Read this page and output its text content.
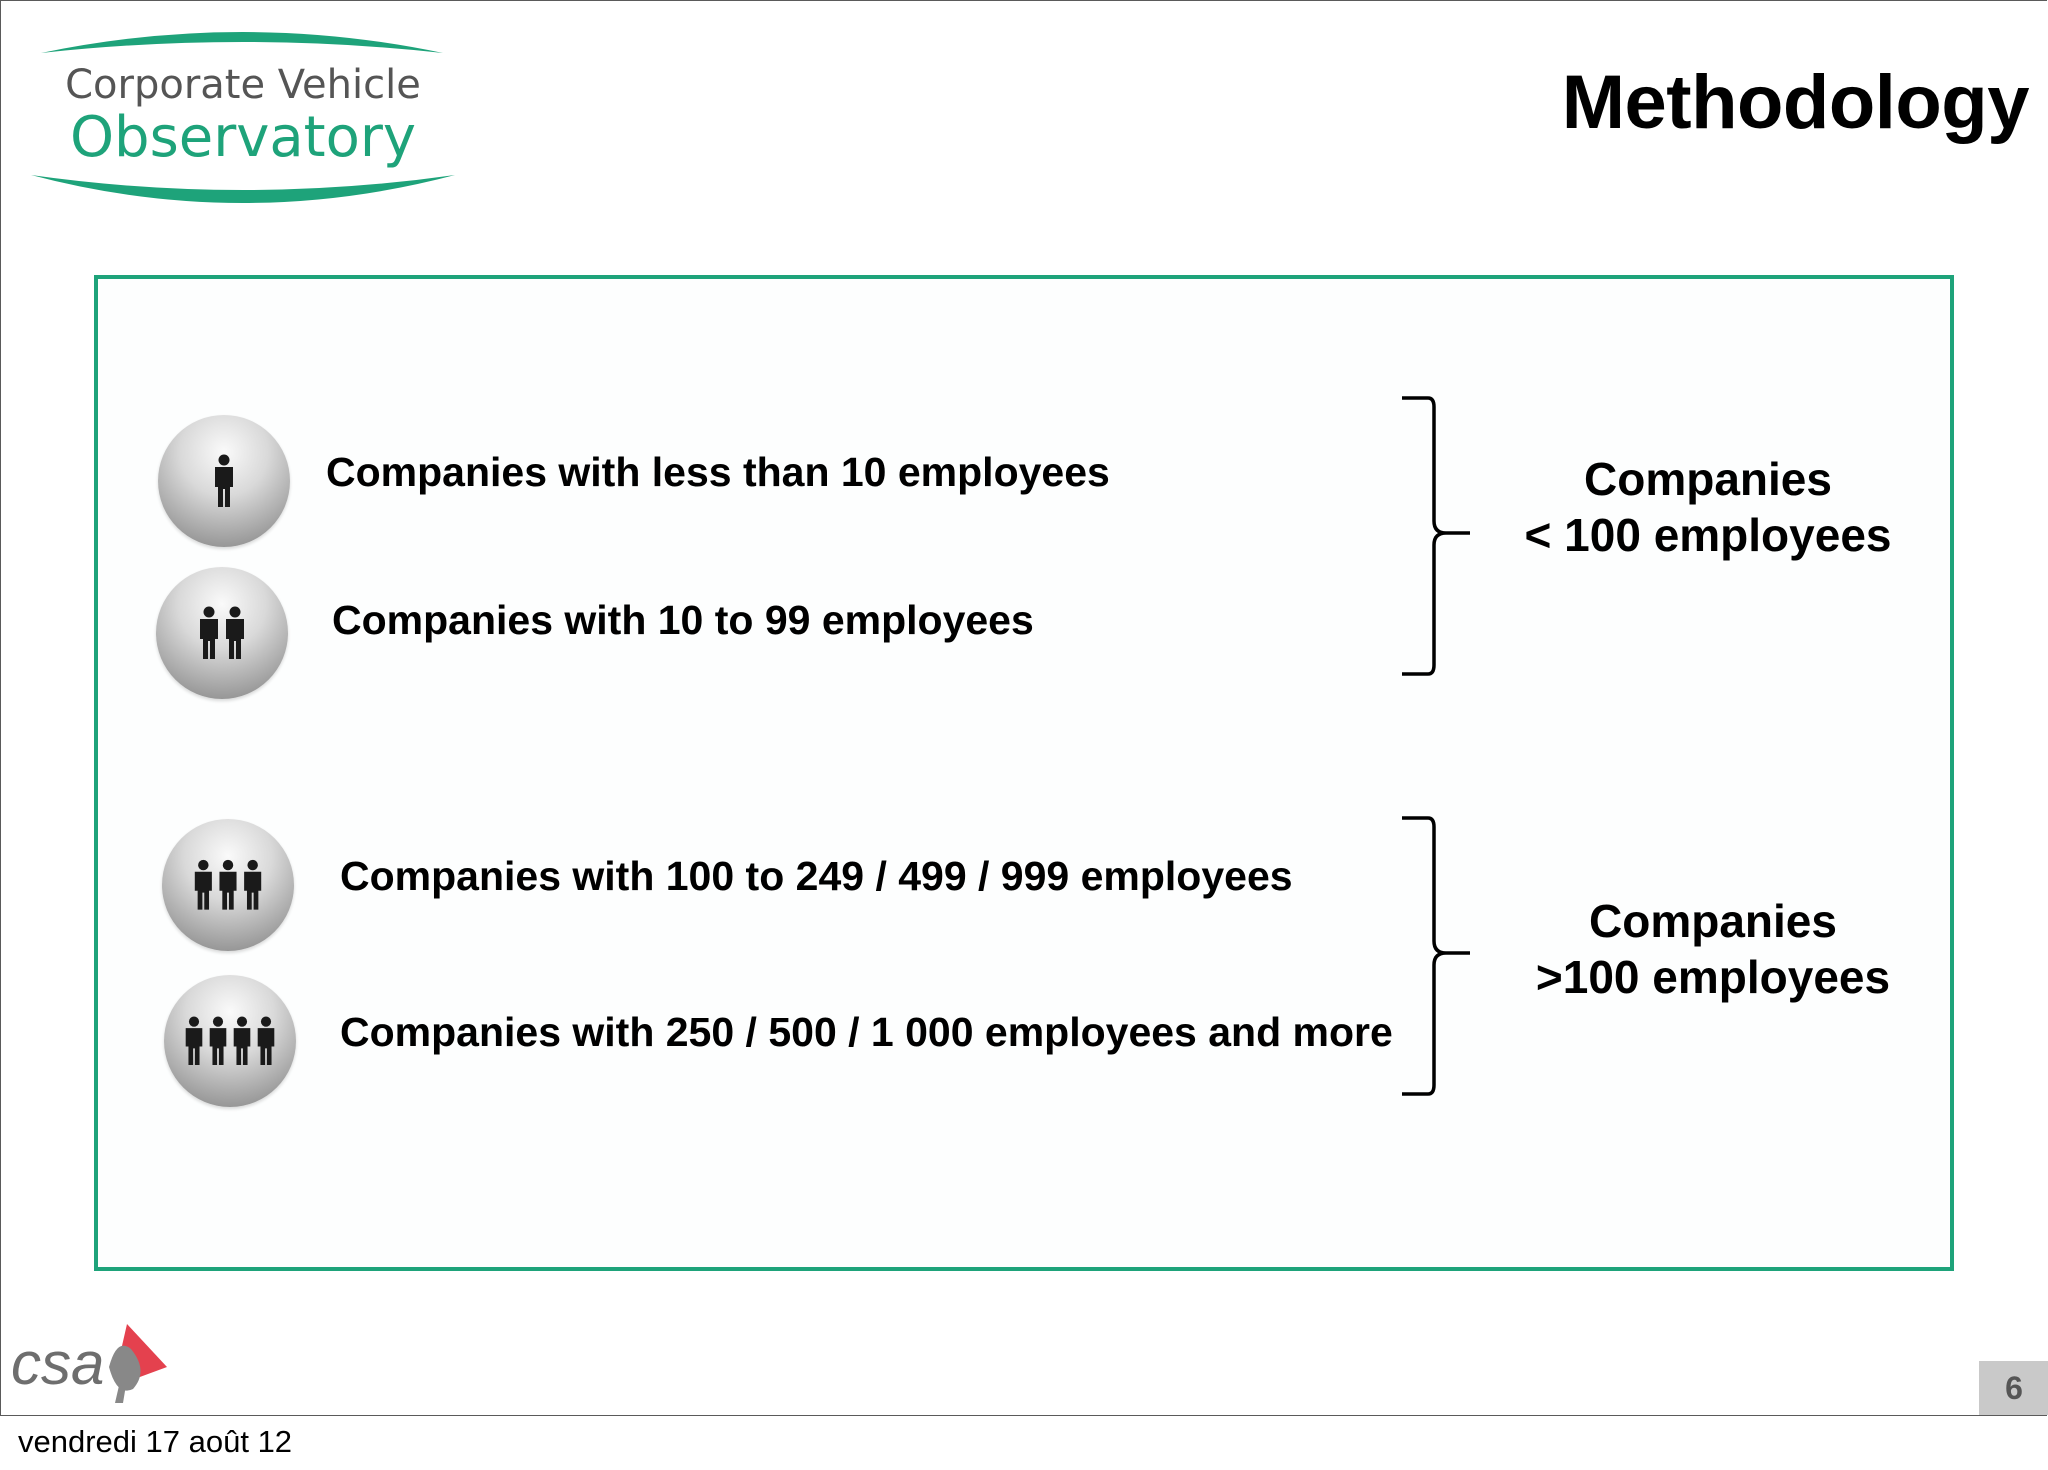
Corporate Vehicle
Observatory	Methodology
Companies with less than 10 employees
Companies with 10 to 99 employees
Companies with 100 to 249 / 499 / 999 employees
Companies with 250 / 500 / 1 000 employees and more
Companies
< 100 employees
Companies
>100 employees
csa	6
vendredi 17 août 12
